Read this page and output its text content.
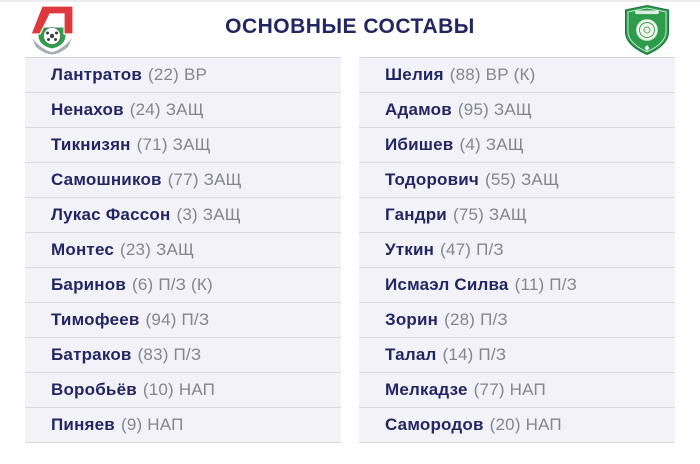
ОСНОВНЫЕ СОСТАВЫ
Лантратов (22) ВР
Ненахов (24) ЗАЩ
Тикнизян (71) ЗАЩ
Самошников (77) ЗАЩ
Лукас Фассон (3) ЗАЩ
Монтес (23) ЗАЩ
Баринов (6) П/З (К)
Тимофеев (94) П/З
Батраков (83) П/З
Воробьёв (10) НАП
Пиняев (9) НАП
Шелия (88) ВР (К)
Адамов (95) ЗАЩ
Ибишев (4) ЗАЩ
Тодорович (55) ЗАЩ
Гандри (75) ЗАЩ
Уткин (47) П/З
Исмаэл Силва (11) П/З
Зорин (28) П/З
Талал (14) П/З
Мелкадзе (77) НАП
Самородов (20) НАП
